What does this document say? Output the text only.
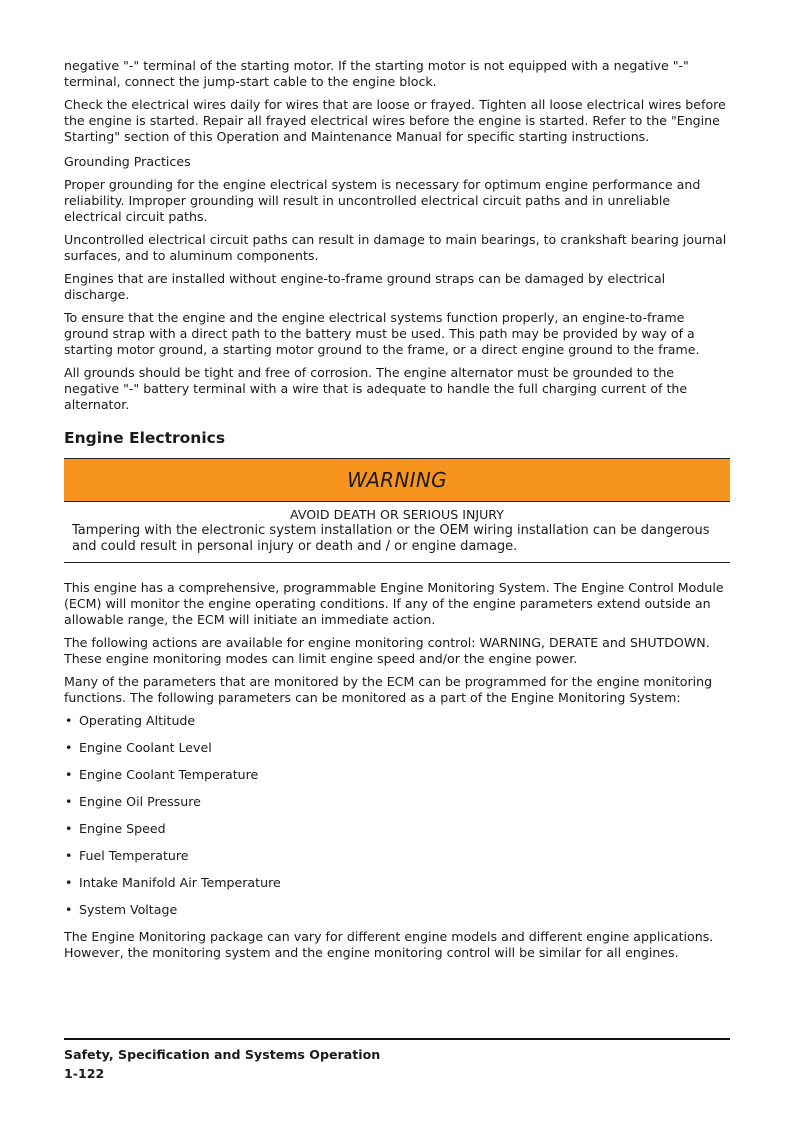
negative "-" terminal of the starting motor. If the starting motor is not equipped with a negative "-" terminal, connect the jump-start cable to the engine block.

Check the electrical wires daily for wires that are loose or frayed. Tighten all loose electrical wires before the engine is started. Repair all frayed electrical wires before the engine is started. Refer to the "Engine Starting" section of this Operation and Maintenance Manual for specific starting instructions.

Grounding Practices

Proper grounding for the engine electrical system is necessary for optimum engine performance and reliability. Improper grounding will result in uncontrolled electrical circuit paths and in unreliable electrical circuit paths.

Uncontrolled electrical circuit paths can result in damage to main bearings, to crankshaft bearing journal surfaces, and to aluminum components.

Engines that are installed without engine-to-frame ground straps can be damaged by electrical discharge.

To ensure that the engine and the engine electrical systems function properly, an engine-to-frame ground strap with a direct path to the battery must be used. This path may be provided by way of a starting motor ground, a starting motor ground to the frame, or a direct engine ground to the frame.

All grounds should be tight and free of corrosion. The engine alternator must be grounded to the negative "-" battery terminal with a wire that is adequate to handle the full charging current of the alternator.

Engine Electronics
WARNING
AVOID DEATH OR SERIOUS INJURY
Tampering with the electronic system installation or the OEM wiring installation can be dangerous and could result in personal injury or death and / or engine damage.

This engine has a comprehensive, programmable Engine Monitoring System. The Engine Control Module (ECM) will monitor the engine operating conditions. If any of the engine parameters extend outside an allowable range, the ECM will initiate an immediate action.

The following actions are available for engine monitoring control: WARNING, DERATE and SHUTDOWN. These engine monitoring modes can limit engine speed and/or the engine power.

Many of the parameters that are monitored by the ECM can be programmed for the engine monitoring functions. The following parameters can be monitored as a part of the Engine Monitoring System:

• Operating Altitude
• Engine Coolant Level
• Engine Coolant Temperature
• Engine Oil Pressure
• Engine Speed
• Fuel Temperature
• Intake Manifold Air Temperature
• System Voltage

The Engine Monitoring package can vary for different engine models and different engine applications. However, the monitoring system and the engine monitoring control will be similar for all engines.

Safety, Specification and Systems Operation
1-122
